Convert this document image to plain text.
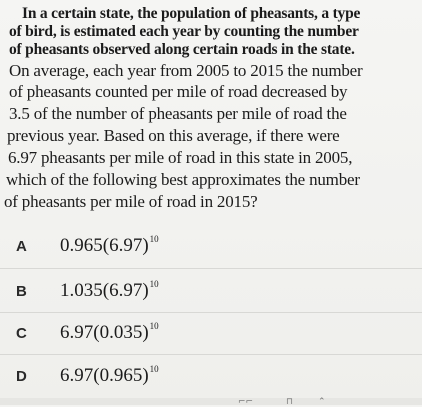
In a certain state, the population of pheasants, a type
of bird, is estimated each year by counting the number
of pheasants observed along certain roads in the state.
On average, each year from 2005 to 2015 the number
of pheasants counted per mile of road decreased by
3.5 of the number of pheasants per mile of road the
previous year. Based on this average, if there were
6.97 pheasants per mile of road in this state in 2005,
which of the following best approximates the number
of pheasants per mile of road in 2015?
A $0.965(6.97)^{10}$
B $1.035(6.97)^{10}$
C $6.97(0.035)^{10}$
D $6.97(0.965)^{10}$
⌐⌐	⊓	⌃
